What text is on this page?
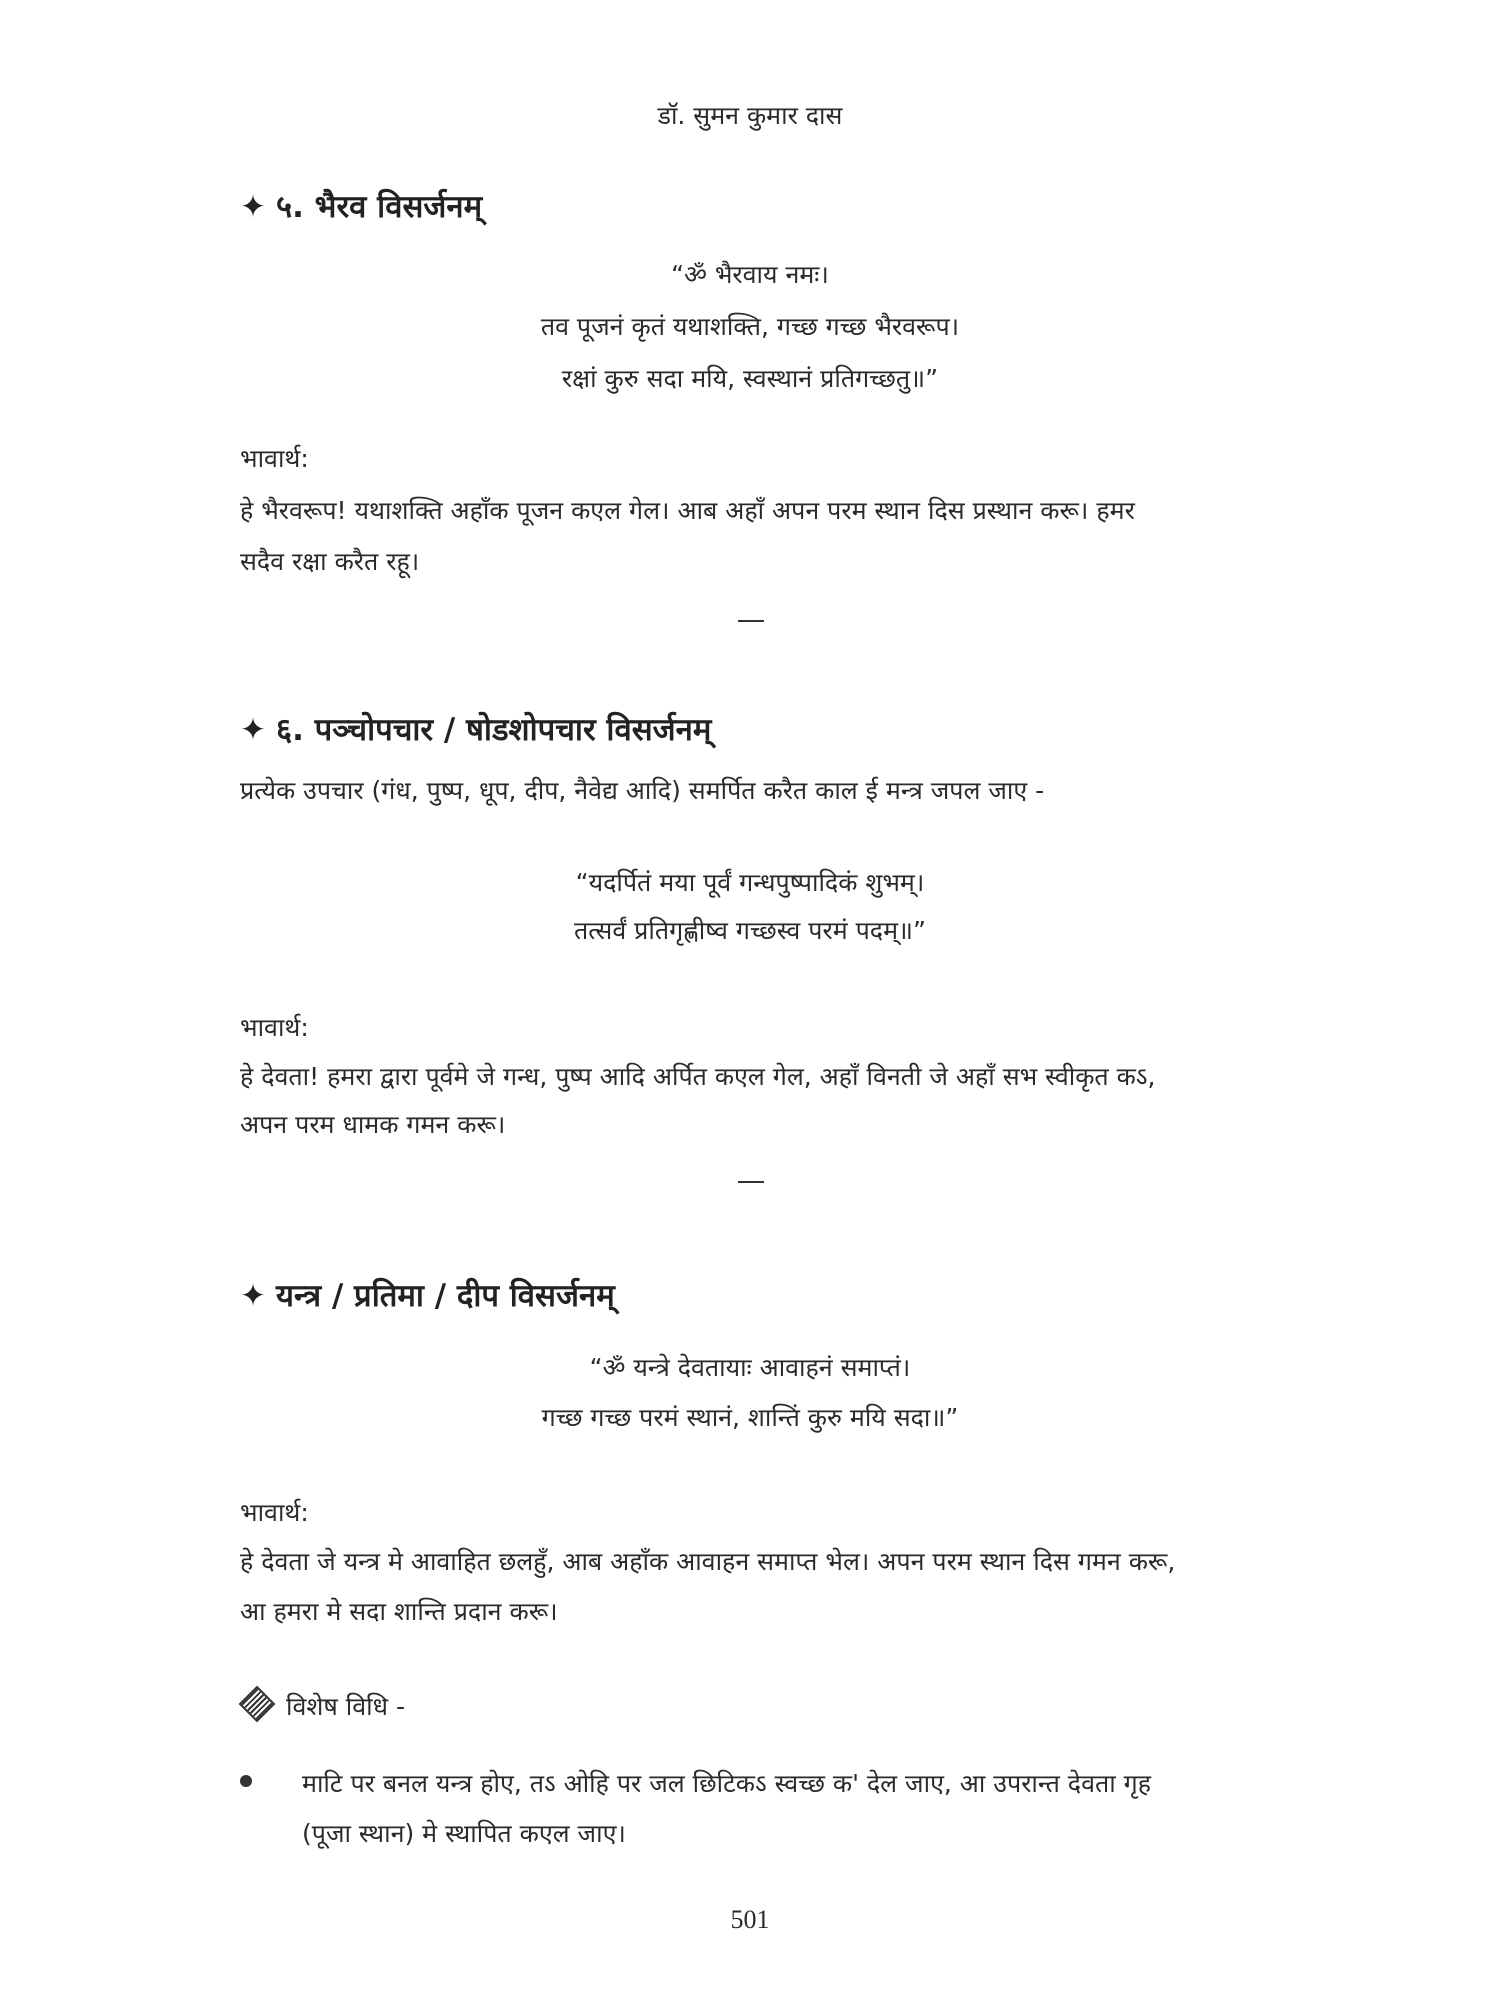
डॉ. सुमन कुमार दास
✦ ५. भैरव विसर्जनम्
“ॐ भैरवाय नमः।
तव पूजनं कृतं यथाशक्ति, गच्छ गच्छ भैरवरूप।
रक्षां कुरु सदा मयि, स्वस्थानं प्रतिगच्छतु॥”
भावार्थ:
हे भैरवरूप! यथाशक्ति अहाँक पूजन कएल गेल। आब अहाँ अपन परम स्थान दिस प्रस्थान करू। हमर
सदैव रक्षा करैत रहू।
✦ ६. पञ्चोपचार / षोडशोपचार विसर्जनम्
प्रत्येक उपचार (गंध, पुष्प, धूप, दीप, नैवेद्य आदि) समर्पित करैत काल ई मन्त्र जपल जाए -
“यदर्पितं मया पूर्वं गन्धपुष्पादिकं शुभम्।
तत्सर्वं प्रतिगृह्णीष्व गच्छस्व परमं पदम्॥”
भावार्थ:
हे देवता! हमरा द्वारा पूर्वमे जे गन्ध, पुष्प आदि अर्पित कएल गेल, अहाँ विनती जे अहाँ सभ स्वीकृत कऽ,
अपन परम धामक गमन करू।
✦ यन्त्र / प्रतिमा / दीप विसर्जनम्
“ॐ यन्त्रे देवतायाः आवाहनं समाप्तं।
गच्छ गच्छ परमं स्थानं, शान्तिं कुरु मयि सदा॥”
भावार्थ:
हे देवता जे यन्त्र मे आवाहित छलहुँ, आब अहाँक आवाहन समाप्त भेल। अपन परम स्थान दिस गमन करू,
आ हमरा मे सदा शान्ति प्रदान करू।
विशेष विधि -
माटि पर बनल यन्त्र होए, तऽ ओहि पर जल छिटिकऽ स्वच्छ क' देल जाए, आ उपरान्त देवता गृह
(पूजा स्थान) मे स्थापित कएल जाए।
501
